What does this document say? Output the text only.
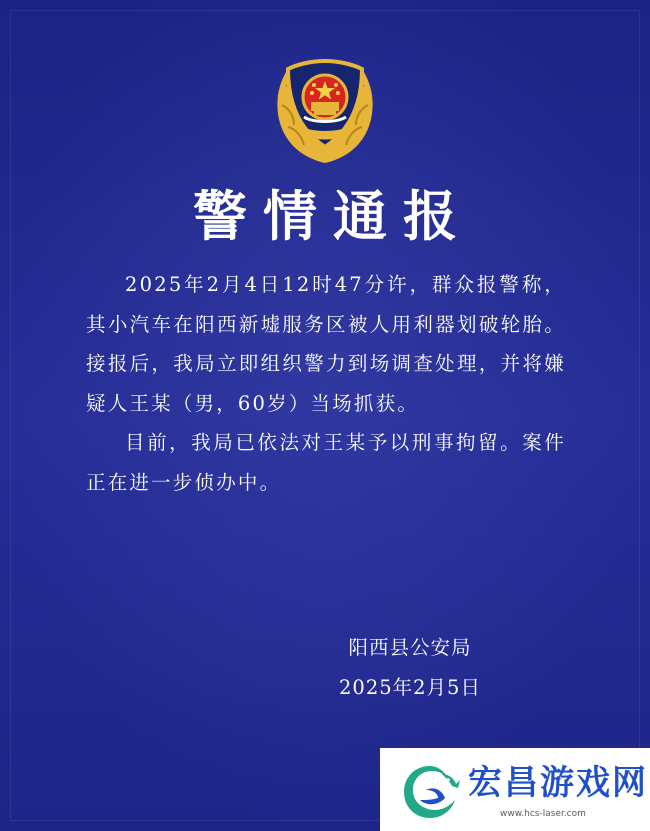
警情通报

2025年2月4日12时47分许，群众报警称，其小汽车在阳西新墟服务区被人用利器划破轮胎。接报后，我局立即组织警力到场调查处理，并将嫌疑人王某（男，60岁）当场抓获。

目前，我局已依法对王某予以刑事拘留。案件正在进一步侦办中。

阳西县公安局
2025年2月5日
宏昌游戏网
www.hcs-laser.com
